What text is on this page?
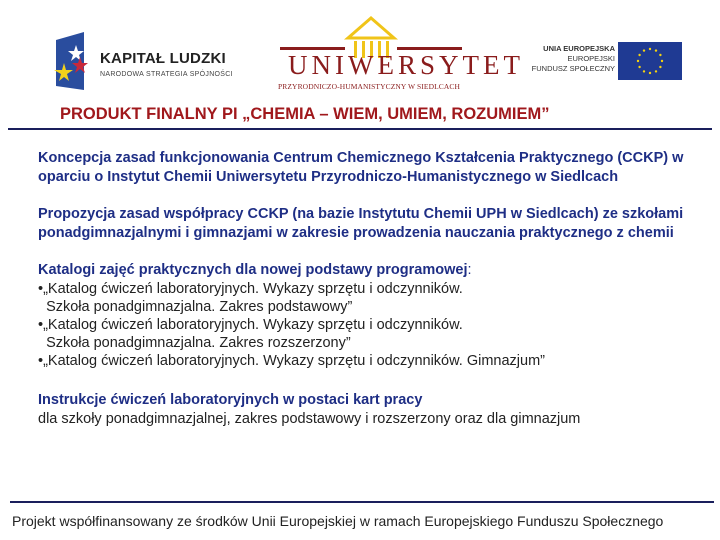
KAPITAŁ LUDZKI
NARODOWA STRATEGIA SPÓJNOŚCI UNIWERSYTET
PRZYRODNICZO-HUMANISTYCZNY W SIEDLCACH
UNIA EUROPEJSKA
EUROPEJSKI
FUNDUSZ SPOŁECZNY
PRODUKT FINALNY PI „CHEMIA – WIEM, UMIEM, ROZUMIEM”
Koncepcja zasad funkcjonowania Centrum Chemicznego Kształcenia Praktycznego (CCKP) w oparciu o Instytut Chemii Uniwersytetu Przyrodniczo-Humanistycznego w Siedlcach
Propozycja zasad współpracy CCKP (na bazie Instytutu Chemii UPH w Siedlcach) ze szkołami ponadgimnazjalnymi i gimnazjami w zakresie prowadzenia nauczania praktycznego z chemii
Katalogi zajęć praktycznych dla nowej podstawy programowej:
•„Katalog ćwiczeń laboratoryjnych. Wykazy sprzętu i odczynników.
Szkoła ponadgimnazjalna. Zakres podstawowy”
•„Katalog ćwiczeń laboratoryjnych. Wykazy sprzętu i odczynników.
Szkoła ponadgimnazjalna. Zakres rozszerzony”
•„Katalog ćwiczeń laboratoryjnych. Wykazy sprzętu i odczynników. Gimnazjum”
Instrukcje ćwiczeń laboratoryjnych w postaci kart pracy
dla szkoły ponadgimnazjalnej, zakres podstawowy i rozszerzony oraz dla gimnazjum
Projekt współfinansowany ze środków Unii Europejskiej w ramach Europejskiego Funduszu Społecznego
